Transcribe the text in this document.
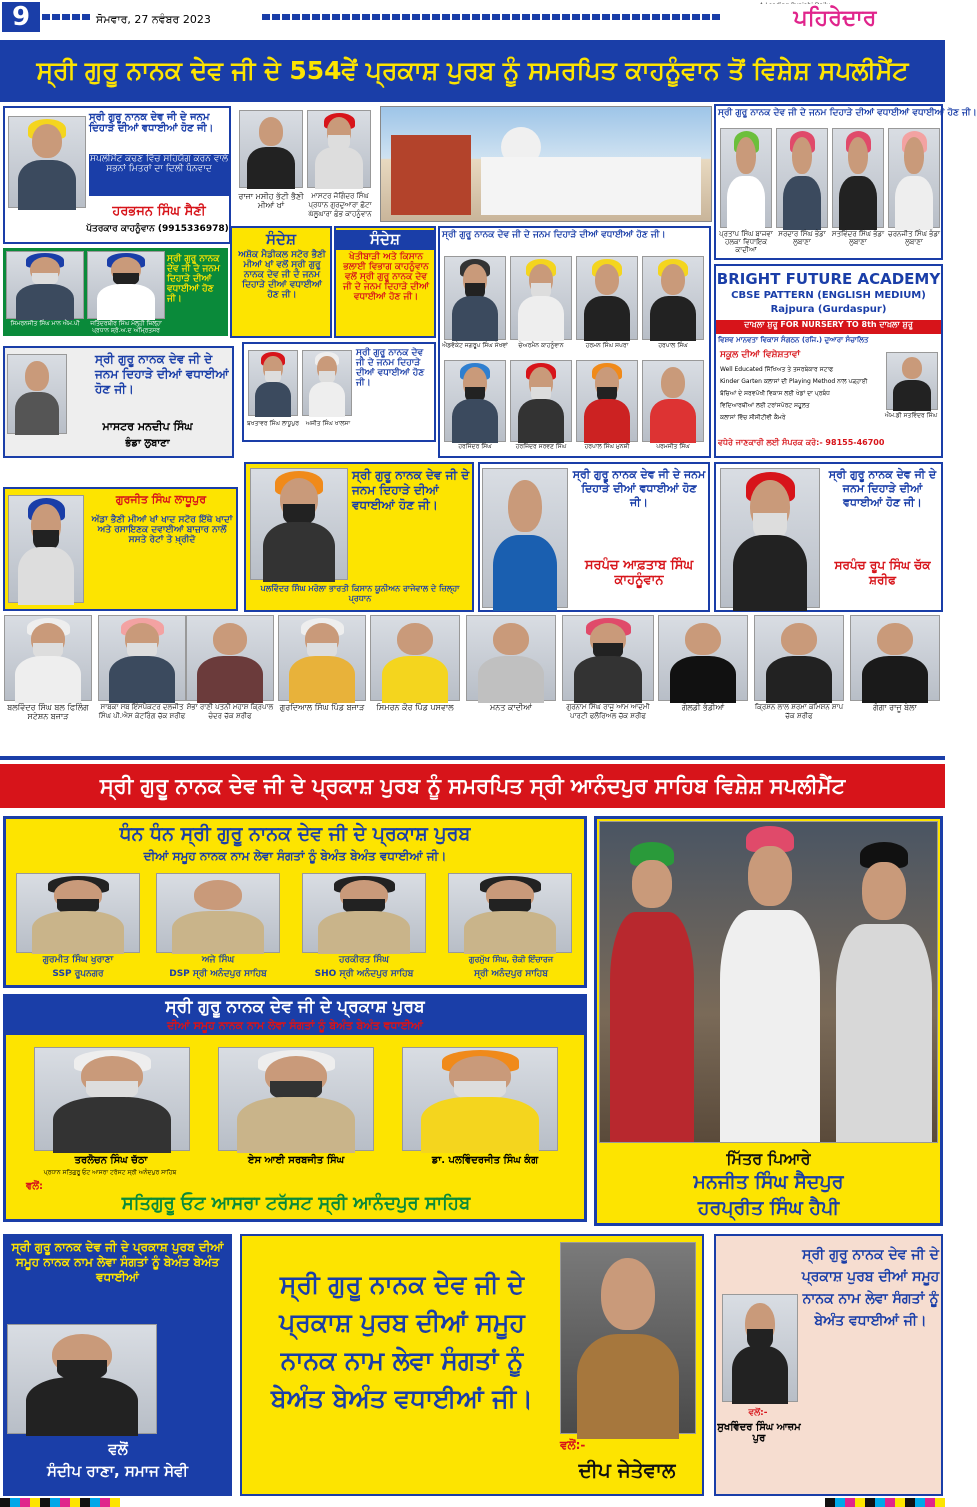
9	ਸੋਮਵਾਰ, 27 ਨਵੰਬਰ 2023	ਪਹਿਰੇਦਾਰ
ਸ੍ਰੀ ਗੁਰੂ ਨਾਨਕ ਦੇਵ ਜੀ ਦੇ 554ਵੇਂ ਪ੍ਰਕਾਸ਼ ਪੁਰਬ ਨੂੰ ਸਮਰਪਿਤ ਕਾਹਨੂੰਵਾਨ ਤੋਂ ਵਿਸ਼ੇਸ਼ ਸਪਲੀਮੈਂਟ
ਸ੍ਰੀ ਗੁਰੂ ਨਾਨਕ ਦੇਵ ਜੀ ਦੇ ਜਨਮ ਦਿਹਾੜੇ ਦੀਆਂ ਵਧਾਈਆਂ ਹੋਣ ਜੀ।
ਸਪਲੀਮੈਂਟ ਕਢਣ ਵਿੱਚ ਸਹਿਯੋਗ ਕਰਨ ਵਾਲੇ ਸਭਨਾਂ ਮਿਤਰਾਂ ਦਾ ਦਿਲੀ ਧੰਨਵਾਦ
ਹਰਭਜਨ ਸਿੰਘ ਸੈਣੀ
ਪੱਤਰਕਾਰ ਕਾਹਨੂੰਵਾਨ (9915336978)
ਰਾਜਾ ਮਸੀਹ ਭੱਟੀ ਭੈਣੀ ਮੀਆਂ ਖਾਂ
ਮਾਸਟਰ ਜੋਗਿੰਦਰ ਸਿੰਘ ਪ੍ਰਧਾਨ ਗੁਰਦੁਆਰਾ ਛੋਟਾ ਘੱਲੂਘਾਰਾ ਛੰਭ ਕਾਹਨੂੰਵਾਨ
ਸ੍ਰੀ ਗੁਰੂ ਨਾਨਕ ਦੇਵ ਜੀ ਦੇ ਜਨਮ ਦਿਹਾੜੇ ਦੀਆਂ ਵਧਾਈਆਂ ਵਧਾਈਆਂ ਹੋਣ ਜੀ।
ਪ੍ਰਤਾਪ ਸਿੰਘ ਬਾਜਵਾ ਹਲਕਾ ਵਿਧਾਇਕ ਕਾਦੀਆਂ
ਸਰਦਾਰ ਸਿੰਘ ਭੰਡਾ ਲੁਬਾਣਾ
ਸਤਵਿੰਦਰ ਸਿੰਘ ਭੰਡਾ ਲੁਬਾਣਾ
ਚਰਨਜੀਤ ਸਿੰਘ ਭੰਡਾ ਲੁਬਾਣਾ
ਸ੍ਰੀ ਗੁਰੂ ਨਾਨਕ ਦੇਵ ਜੀ ਦੇ ਜਨਮ ਦਿਹਾੜੇ ਦੀਆਂ ਵਧਾਈਆਂ ਹੋਣ ਜੀ।
ਸਿਮਰਨਜੀਤ ਸਿੰਘ ਮਾਨ ਐਮ.ਪੀ	ਜਤਿੰਦਰਬੀਰ ਸਿੰਘ ਮੱਲ੍ਹੀ ਜ਼ਿਲ੍ਹਾ ਪ੍ਰਧਾਨ ਸ਼੍ਰੋ.ਅ.ਦ ਅੰਮ੍ਰਿਤਸਰ
ਸੰਦੇਸ਼
ਅਸ਼ੋਕ ਮੈਡੀਕਲ ਸਟੋਰ ਭੈਣੀ ਮੀਆਂ ਖਾਂ ਵਲੋਂ ਸ੍ਰੀ ਗੁਰੂ ਨਾਨਕ ਦੇਵ ਜੀ ਦੇ ਜਨਮ ਦਿਹਾੜੇ ਦੀਆਂ ਵਧਾਈਆਂ ਹੋਣ ਜੀ।
ਸੰਦੇਸ਼
ਖੇਤੀਬਾੜੀ ਅਤੇ ਕਿਸਾਨ ਭਲਾਈ ਵਿਭਾਗ ਕਾਹਨੂੰਵਾਨ ਵਲੋਂ ਸ੍ਰੀ ਗੁਰੂ ਨਾਨਕ ਦੇਵ ਜੀ ਦੇ ਜਨਮ ਦਿਹਾੜੇ ਦੀਆਂ ਵਧਾਈਆਂ ਹੋਣ ਜੀ।
ਸ੍ਰੀ ਗੁਰੂ ਨਾਨਕ ਦੇਵ ਜੀ ਦੇ ਜਨਮ ਦਿਹਾੜੇ ਦੀਆਂ ਵਧਾਈਆਂ ਹੋਣ ਜੀ।
ਐਡਵੋਕੇਟ ਜਗਰੂਪ ਸਿੰਘ ਸੇਖਵਾਂ	ਚੇਅਰਮੈਨ ਕਾਹਨੂੰਵਾਨ	ਹਰਮਨ ਸਿੰਘ ਸਪਰਾ	ਹਰਪਾਲ ਸਿੰਘ
ਹਰਜਿੰਦਰ ਸਿੰਘ	ਹਰਜਿੰਦਰ ਸਰਵਣ ਸਿੰਘ	ਹਰਪਾਲ ਸਿੰਘ ਮੁਨਸ਼ੀ	ਪਰਮਜੀਤ ਸਿੰਘ
BRIGHT FUTURE ACADEMY
CBSE PATTERN (ENGLISH MEDIUM)
Rajpura (Gurdaspur)
ਦਾਖ਼ਲਾ ਸ਼ੁਰੂ FOR NURSERY TO 8th ਦਾਖ਼ਲਾ ਸ਼ੁਰੂ
ਵਿਸ਼ਵ ਮਾਨਵਤਾ ਵਿਕਾਸ ਸੰਗਠਨ (ਰਜਿ.) ਦੁਆਰਾ ਸੰਚਾਲਿਤ
ਸਕੂਲ ਦੀਆਂ ਵਿਸ਼ੇਸ਼ਤਾਵਾਂ
Well Educated ਸਿੱਖਿਅਤ ਤੇ ਤਜਰਬੇਕਾਰ ਸਟਾਫ
Kinder Garten ਕਲਾਸਾਂ ਦੀ Playing Method ਨਾਲ ਪੜ੍ਹਾਈ
ਬੱਚਿਆਂ ਦੇ ਸਰਵਪੱਖੀ ਵਿਕਾਸ ਲਈ ਖੇਡਾਂ ਦਾ ਪ੍ਰਬੰਧ
ਵਿਦਿਆਰਥੀਆਂ ਲਈ ਟਰਾਂਸਪੋਰਟ ਸਹੂਲਤ
ਕਲਾਸਾਂ ਵਿੱਚ ਸੀਸੀਟੀਵੀ ਕੈਮਰੇ	ਐਮ.ਡੀ ਸਤਵਿੰਦਰ ਸਿੰਘ
ਵਧੇਰੇ ਜਾਣਕਾਰੀ ਲਈ ਸੰਪਰਕ ਕਰੋ:- 98155-46700
ਸ੍ਰੀ ਗੁਰੂ ਨਾਨਕ ਦੇਵ ਜੀ ਦੇ ਜਨਮ ਦਿਹਾੜੇ ਦੀਆਂ ਵਧਾਈਆਂ ਹੋਣ ਜੀ।
ਮਾਸਟਰ ਮਨਦੀਪ ਸਿੰਘ
ਭੰਡਾ ਲੁਬਾਣਾ
ਸ੍ਰੀ ਗੁਰੂ ਨਾਨਕ ਦੇਵ ਜੀ ਦੇ ਜਨਮ ਦਿਹਾੜੇ ਦੀਆਂ ਵਧਾਈਆਂ ਹੋਣ ਜੀ।
ਬਖਤਾਵਰ ਸਿੰਘ ਲਾਧੂਪੁਰ	ਅਜੀਤ ਸਿੰਘ ਖਾਲਸਾ
ਗੁਰਜੀਤ ਸਿੰਘ ਲਾਧੂਪੁਰ
ਅੱਡਾ ਭੈਣੀ ਮੀਆਂ ਖਾਂ ਖਾਦ ਸਟੋਰ ਇੱਥੇ ਖਾਦਾਂ ਅਤੇ ਰਸਾਇਣਕ ਦਵਾਈਆਂ ਬਾਜ਼ਾਰ ਨਾਲੋਂ ਸਸਤੇ ਰੇਟਾਂ ਤੇ ਖ਼੍ਰੀਦੋ
ਸ੍ਰੀ ਗੁਰੂ ਨਾਨਕ ਦੇਵ ਜੀ ਦੇ ਜਨਮ ਦਿਹਾੜੇ ਦੀਆਂ ਵਧਾਈਆਂ ਹੋਣ ਜੀ।
ਪਲਵਿੰਦਰ ਸਿੰਘ ਮਰੋਲਾ ਭਾਰਤੀ ਕਿਸਾਨ ਯੂਨੀਅਨ ਰਾਜੇਵਾਲ ਦੇ ਜ਼ਿਲ੍ਹਾ ਪ੍ਰਧਾਨ
ਸ੍ਰੀ ਗੁਰੂ ਨਾਨਕ ਦੇਵ ਜੀ ਦੇ ਜਨਮ ਦਿਹਾੜੇ ਦੀਆਂ ਵਧਾਈਆਂ ਹੋਣ ਜੀ।
ਸਰਪੰਚ ਆਫ਼ਤਾਬ ਸਿੰਘ ਕਾਹਨੂੰਵਾਨ
ਸ੍ਰੀ ਗੁਰੂ ਨਾਨਕ ਦੇਵ ਜੀ ਦੇ ਜਨਮ ਦਿਹਾੜੇ ਦੀਆਂ ਵਧਾਈਆਂ ਹੋਣ ਜੀ।
ਸਰਪੰਚ ਰੂਪ ਸਿੰਘ ਚੱਕ ਸ਼ਰੀਫ
ਬਲਵਿੰਦਰ ਸਿੰਘ ਬਲ ਫਿਲਿੰਗ ਸਟੇਸ਼ਨ ਬਜਾੜ
ਸਾਬਕਾ ਸਬ ਇੰਸਪੈਕਟਰ ਦਲਜੀਤ ਸਿੰਘ ਪੀ.ਐਸ ਕੇਟਰਿੰਗ ਚੱਕ ਸ਼ਰੀਫ
ਸ਼ੋਭਾ ਰਾਣੀ ਪਤਨੀ ਮਹਾਸ਼ ਕ੍ਰਿਪਾਲ ਚੰਦਰ ਚੱਕ ਸ਼ਰੀਫ
ਗੁਰਦਿਆਲ ਸਿੰਘ ਪਿੰਡ ਬਜਾੜ	ਸਿਮਰਨ ਕੌਰ ਪਿੰਡ ਪਸਵਾਲ	ਮਨਤ ਕਾਦੀਆਂ	ਗੁਰਨਾਮ ਸਿੰਘ ਰਾਜੂ ਆਮ ਆਦਮੀ ਪਾਰਟੀ ਫਲੌਰਿਅਲ ਚੱਕ ਸ਼ਰੀਫ
ਗੋਲਡੀ ਭੰਡੀਆਂ	ਕ੍ਰਿਸ਼ਨ ਲਾਲ ਸ਼ਰਮਾ ਕਮਿਸ਼ਨ ਸ਼ਾਪ ਚੱਕ ਸ਼ਰੀਫ
ਗੰਗਾ ਰਾਜੂ ਬੇਲਾ
ਸ੍ਰੀ ਗੁਰੂ ਨਾਨਕ ਦੇਵ ਜੀ ਦੇ ਪ੍ਰਕਾਸ਼ ਪੁਰਬ ਨੂੰ ਸਮਰਪਿਤ ਸ੍ਰੀ ਆਨੰਦਪੁਰ ਸਾਹਿਬ ਵਿਸ਼ੇਸ਼ ਸਪਲੀਮੈਂਟ
ਧੰਨ ਧੰਨ ਸ੍ਰੀ ਗੁਰੂ ਨਾਨਕ ਦੇਵ ਜੀ ਦੇ ਪ੍ਰਕਾਸ਼ ਪੁਰਬ
ਦੀਆਂ ਸਮੂਹ ਨਾਨਕ ਨਾਮ ਲੇਵਾ ਸੰਗਤਾਂ ਨੂੰ ਬੇਅੰਤ ਬੇਅੰਤ ਵਧਾਈਆਂ ਜੀ।
ਗੁਰਮੀਤ ਸਿੰਘ ਖੁਰਾਣਾ
SSP ਰੂਪਨਗਰ
ਅਜੇ ਸਿੰਘ
DSP ਸ੍ਰੀ ਅਨੰਦਪੁਰ ਸਾਹਿਬ
ਹਰਕੀਰਤ ਸਿੰਘ
SHO ਸ੍ਰੀ ਅਨੰਦਪੁਰ ਸਾਹਿਬ
ਗੁਰਮੁੱਖ ਸਿੰਘ, ਚੌਕੀ ਇੰਚਾਰਜ
ਸ੍ਰੀ ਅਨੰਦਪੁਰ ਸਾਹਿਬ
ਸ੍ਰੀ ਗੁਰੂ ਨਾਨਕ ਦੇਵ ਜੀ ਦੇ ਪ੍ਰਕਾਸ਼ ਪੁਰਬ
ਦੀਆਂ ਸਮੂਹ ਨਾਨਕ ਨਾਮ ਲੇਵਾ ਸੰਗਤਾਂ ਨੂੰ ਬੇਅੰਤ ਬੇਅੰਤ ਵਧਾਈਆਂ
ਤਰਲੋਚਨ ਸਿੰਘ ਚੱਠਾ
ਪ੍ਰਧਾਨ ਸਤਿਗੁਰੂ ਓਟ ਆਸਰਾ ਟਰੱਸਟ ਸ੍ਰੀ ਅਨੰਦਪੁਰ ਸਾਹਿਬ
ਏਸ ਆਈ ਸਰਬਜੀਤ ਸਿੰਘ	ਡਾ. ਪਲਵਿੰਦਰਜੀਤ ਸਿੰਘ ਕੰਗ
ਵਲੋਂ:
ਸਤਿਗੁਰੂ ਓਟ ਆਸਰਾ ਟਰੱਸਟ ਸ੍ਰੀ ਆਨੰਦਪੁਰ ਸਾਹਿਬ
ਮਿੱਤਰ ਪਿਆਰੇ
ਮਨਜੀਤ ਸਿੰਘ ਸੈਦਪੁਰ
ਹਰਪ੍ਰੀਤ ਸਿੰਘ ਹੈਪੀ
ਸ੍ਰੀ ਗੁਰੂ ਨਾਨਕ ਦੇਵ ਜੀ ਦੇ ਪ੍ਰਕਾਸ਼ ਪੁਰਬ ਦੀਆਂ ਸਮੂਹ ਨਾਨਕ ਨਾਮ ਲੇਵਾ ਸੰਗਤਾਂ ਨੂੰ ਬੇਅੰਤ ਬੇਅੰਤ ਵਧਾਈਆਂ
ਵਲੋਂ
ਸੰਦੀਪ ਰਾਣਾ, ਸਮਾਜ ਸੇਵੀ
ਸ੍ਰੀ ਗੁਰੂ ਨਾਨਕ ਦੇਵ ਜੀ ਦੇ ਪ੍ਰਕਾਸ਼ ਪੁਰਬ ਦੀਆਂ ਸਮੂਹ ਨਾਨਕ ਨਾਮ ਲੇਵਾ ਸੰਗਤਾਂ ਨੂੰ ਬੇਅੰਤ ਬੇਅੰਤ ਵਧਾਈਆਂ ਜੀ।
ਵਲੋਂ:-
ਦੀਪ ਜੇਤੇਵਾਲ
ਸ੍ਰੀ ਗੁਰੂ ਨਾਨਕ ਦੇਵ ਜੀ ਦੇ ਪ੍ਰਕਾਸ਼ ਪੁਰਬ ਦੀਆਂ ਸਮੂਹ ਨਾਨਕ ਨਾਮ ਲੇਵਾ ਸੰਗਤਾਂ ਨੂੰ ਬੇਅੰਤ ਵਧਾਈਆਂ ਜੀ।
ਵਲੋਂ:-
ਸੁਖਵਿੰਦਰ ਸਿੰਘ ਆਜ਼ਮ ਪੁਰ
